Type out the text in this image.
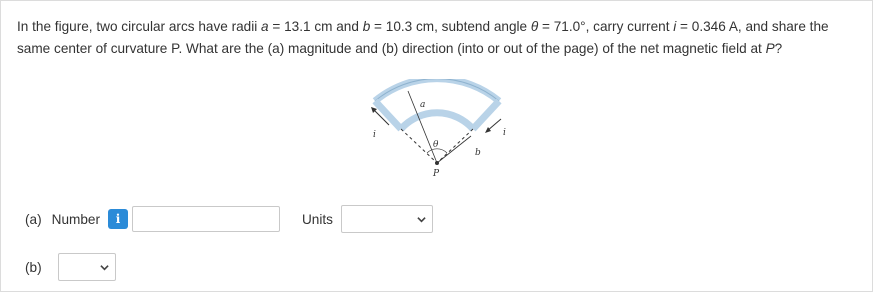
In the figure, two circular arcs have radii a = 13.1 cm and b = 10.3 cm, subtend angle θ = 71.0°, carry current i = 0.346 A, and share the same center of curvature P. What are the (a) magnitude and (b) direction (into or out of the page) of the net magnetic field at P?
a
θ
b
i	i
P
(a) Number	i	Units
(b)
